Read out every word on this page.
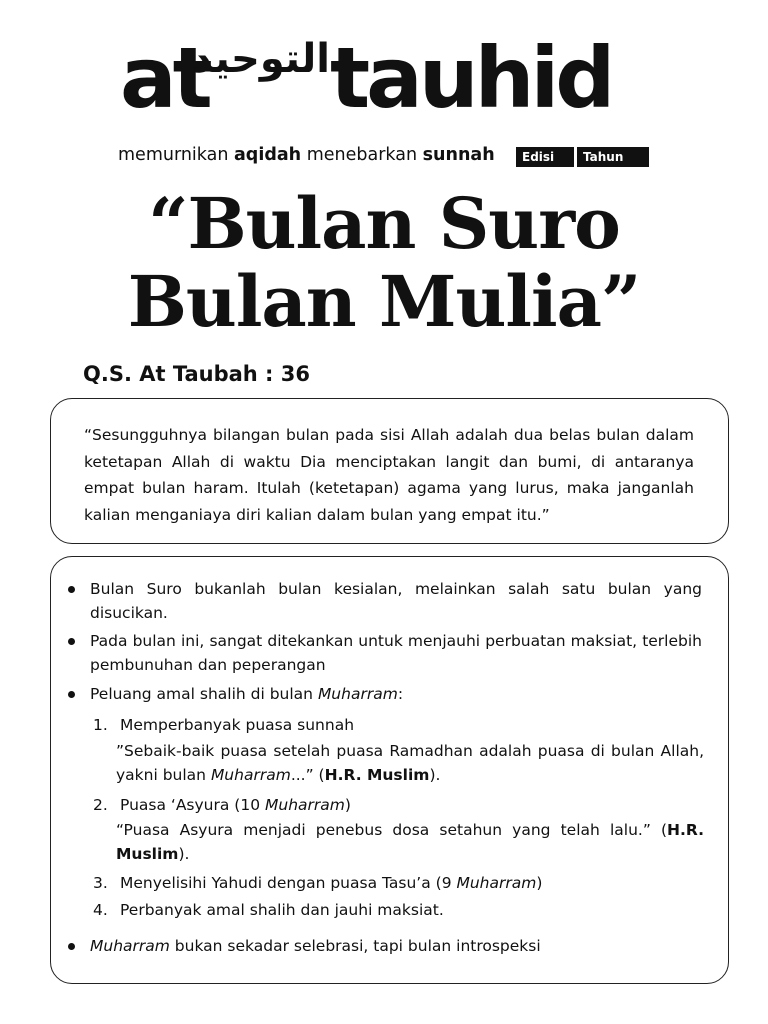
at
التوحيد tauhid
memurnikan aqidah menebarkan sunnah	Edisi 51
Tahun 17
“Bulan Suro
Bulan Mulia”
Q.S. At Taubah : 36
“Sesungguhnya bilangan bulan pada sisi Allah adalah dua belas bulan dalam ketetapan Allah di waktu Dia menciptakan langit dan bumi, di antaranya empat bulan haram. Itulah (ketetapan) agama yang lurus, maka janganlah kalian menganiaya diri kalian dalam bulan yang empat itu.”
Bulan Suro bukanlah bulan kesialan, melainkan salah satu bulan yang disucikan.
Pada bulan ini, sangat ditekankan untuk menjauhi perbuatan maksiat, terlebih pembunuhan dan peperangan
Peluang amal shalih di bulan Muharram:
1. Memperbanyak puasa sunnah
”Sebaik-baik puasa setelah puasa Ramadhan adalah puasa di bulan Allah, yakni bulan Muharram...” (H.R. Muslim).
2. Puasa ‘Asyura (10 Muharram)
“Puasa Asyura menjadi penebus dosa setahun yang telah lalu.” (H.R. Muslim).
3. Menyelisihi Yahudi dengan puasa Tasu’a (9 Muharram)
4. Perbanyak amal shalih dan jauhi maksiat.
Muharram bukan sekadar selebrasi, tapi bulan introspeksi
